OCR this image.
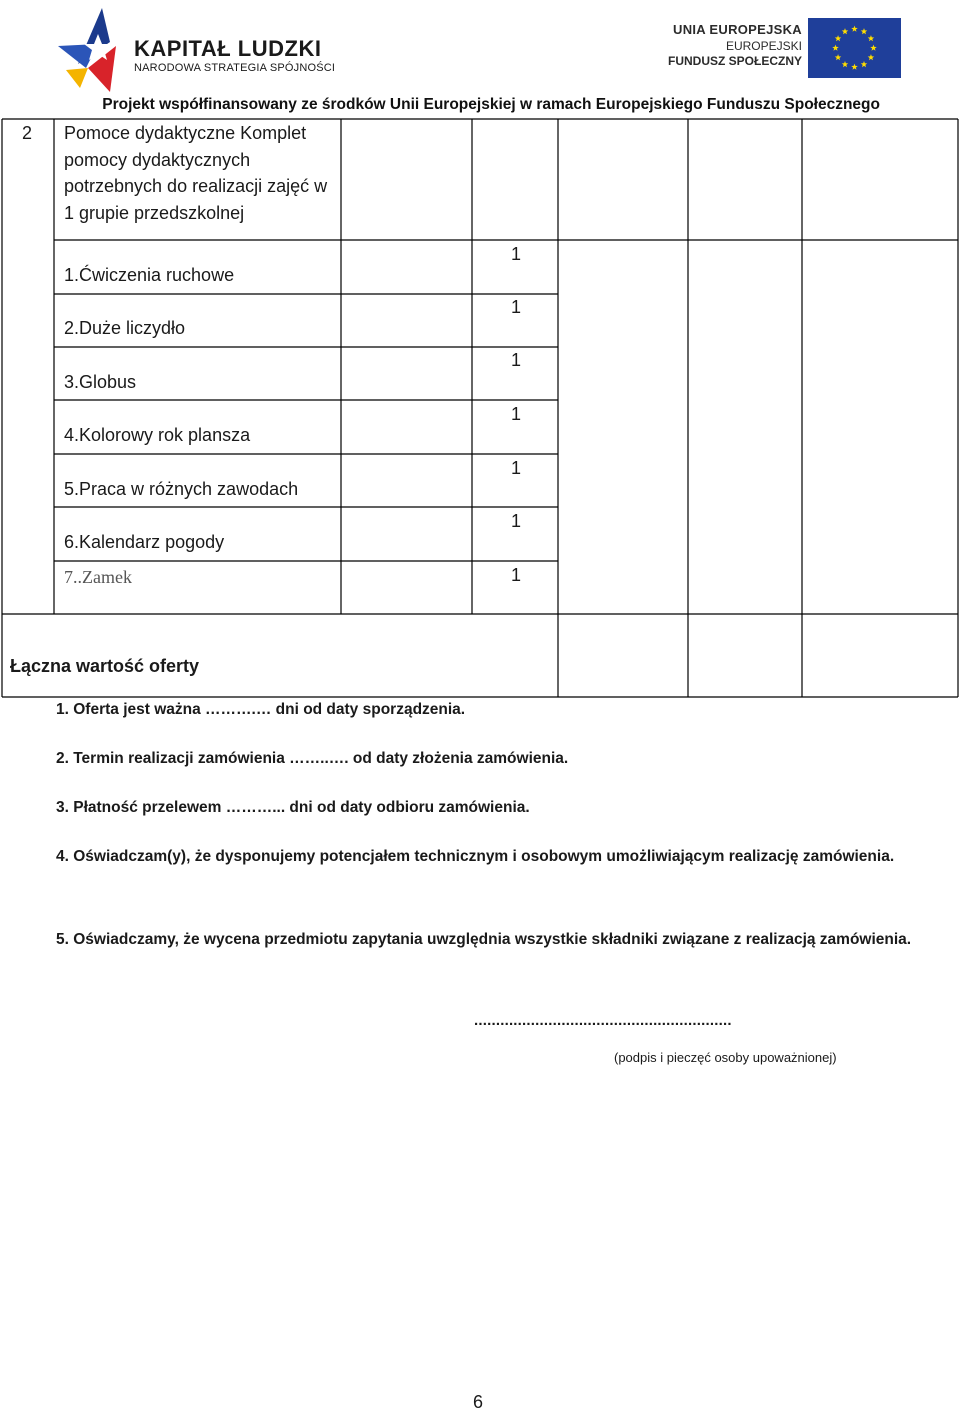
KAPITAŁ LUDZKI
NARODOWA STRATEGIA SPÓJNOŚCI
UNIA EUROPEJSKA
EUROPEJSKI
FUNDUSZ SPOŁECZNY
Projekt współfinansowany ze środków Unii Europejskiej w ramach Europejskiego Funduszu Społecznego
2 Pomoce dydaktyczne Komplet pomocy dydaktycznych potrzebnych do realizacji zajęć w 1 grupie przedszkolnej
1.Ćwiczenia ruchowe
1
2.Duże liczydło
1
3.Globus
1
4.Kolorowy rok plansza
1
5.Praca w różnych zawodach
1
6.Kalendarz pogody
1
7..Zamek	1
Łączna wartość oferty
1. Oferta jest ważna ……….… dni od daty sporządzenia.
2. Termin realizacji zamówienia ……..…. od daty złożenia zamówienia.
3. Płatność przelewem ………... dni od daty odbioru zamówienia.
4. Oświadczam(y), że dysponujemy potencjałem technicznym i osobowym umożliwiającym realizację zamówienia.
5. Oświadczamy, że wycena przedmiotu zapytania uwzględnia wszystkie składniki związane z realizacją zamówienia.
...........................................................
(podpis i pieczęć osoby upoważnionej)
6
